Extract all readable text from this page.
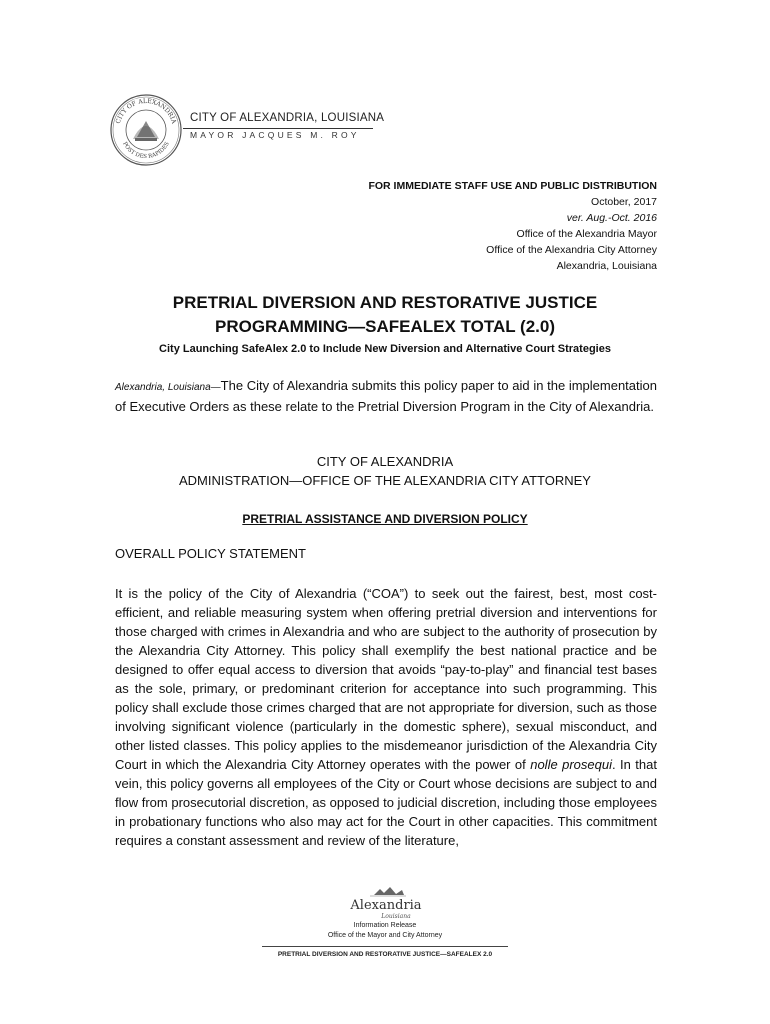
CITY OF ALEXANDRIA
POST DES RAPIDES
CITY OF ALEXANDRIA, LOUISIANA
MAYOR JACQUES M. ROY
FOR IMMEDIATE STAFF USE AND PUBLIC DISTRIBUTION
October, 2017
ver. Aug.-Oct. 2016
Office of the Alexandria Mayor
Office of the Alexandria City Attorney
Alexandria, Louisiana
PRETRIAL DIVERSION AND RESTORATIVE JUSTICE
PROGRAMMING—SAFEALEX TOTAL (2.0)
City Launching SafeAlex 2.0 to Include New Diversion and Alternative Court Strategies
Alexandria, Louisiana—The City of Alexandria submits this policy paper to aid in the implementation of Executive Orders as these relate to the Pretrial Diversion Program in the City of Alexandria.
CITY OF ALEXANDRIA
ADMINISTRATION—OFFICE OF THE ALEXANDRIA CITY ATTORNEY
PRETRIAL ASSISTANCE AND DIVERSION POLICY
OVERALL POLICY STATEMENT
It is the policy of the City of Alexandria (“COA”) to seek out the fairest, best, most cost-efficient, and reliable measuring system when offering pretrial diversion and interventions for those charged with crimes in Alexandria and who are subject to the authority of prosecution by the Alexandria City Attorney. This policy shall exemplify the best national practice and be designed to offer equal access to diversion that avoids “pay-to-play” and financial test bases as the sole, primary, or predominant criterion for acceptance into such programming. This policy shall exclude those crimes charged that are not appropriate for diversion, such as those involving significant violence (particularly in the domestic sphere), sexual misconduct, and other listed classes. This policy applies to the misdemeanor jurisdiction of the Alexandria City Court in which the Alexandria City Attorney operates with the power of nolle prosequi. In that vein, this policy governs all employees of the City or Court whose decisions are subject to and flow from prosecutorial discretion, as opposed to judicial discretion, including those employees in probationary functions who also may act for the Court in other capacities. This commitment requires a constant assessment and review of the literature,
Alexandria
Louisiana
Information Release
Office of the Mayor and City Attorney
PRETRIAL DIVERSION AND RESTORATIVE JUSTICE—SAFEALEX 2.0
